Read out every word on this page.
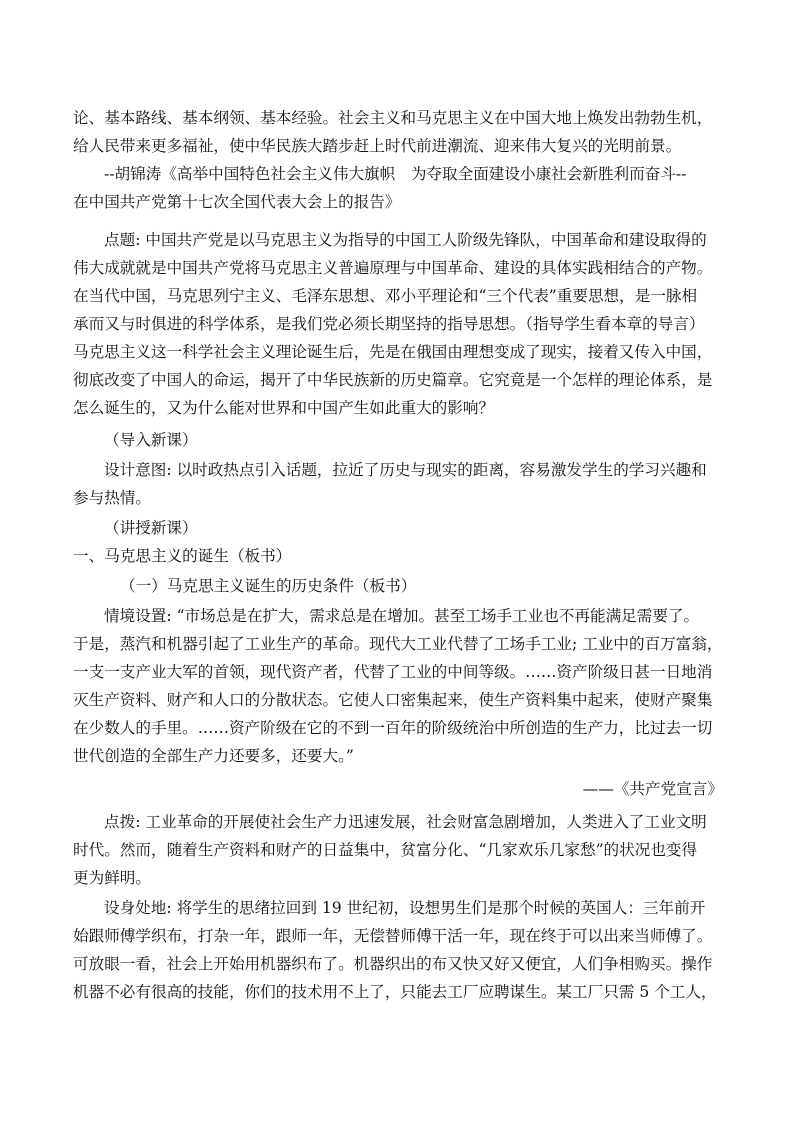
论、基本路线、基本纲领、基本经验。社会主义和马克思主义在中国大地上焕发出勃勃生机，
给人民带来更多福祉，使中华民族大踏步赶上时代前进潮流、迎来伟大复兴的光明前景。
--胡锦涛《高举中国特色社会主义伟大旗帜　为夺取全面建设小康社会新胜利而奋斗--
在中国共产党第十七次全国代表大会上的报告》
点题: 中国共产党是以马克思主义为指导的中国工人阶级先锋队，中国革命和建设取得的
伟大成就就是中国共产党将马克思主义普遍原理与中国革命、建设的具体实践相结合的产物。
在当代中国，马克思列宁主义、毛泽东思想、邓小平理论和“三个代表”重要思想，是一脉相
承而又与时俱进的科学体系，是我们党必须长期坚持的指导思想。（指导学生看本章的导言）
马克思主义这一科学社会主义理论诞生后，先是在俄国由理想变成了现实，接着又传入中国，
彻底改变了中国人的命运，揭开了中华民族新的历史篇章。它究竟是一个怎样的理论体系，是
怎么诞生的，又为什么能对世界和中国产生如此重大的影响？
（导入新课）
设计意图: 以时政热点引入话题，拉近了历史与现实的距离，容易激发学生的学习兴趣和
参与热情。
（讲授新课）
一、马克思主义的诞生（板书）
（一）马克思主义诞生的历史条件（板书）
情境设置: “市场总是在扩大，需求总是在增加。甚至工场手工业也不再能满足需要了。
于是，蒸汽和机器引起了工业生产的革命。现代大工业代替了工场手工业; 工业中的百万富翁，
一支一支产业大军的首领，现代资产者，代替了工业的中间等级。……资产阶级日甚一日地消
灭生产资料、财产和人口的分散状态。它使人口密集起来，使生产资料集中起来，使财产聚集
在少数人的手里。……资产阶级在它的不到一百年的阶级统治中所创造的生产力，比过去一切
世代创造的全部生产力还要多，还要大。”
——《共产党宣言》
点拨: 工业革命的开展使社会生产力迅速发展，社会财富急剧增加，人类进入了工业文明
时代。然而，随着生产资料和财产的日益集中，贫富分化、“几家欢乐几家愁”的状况也变得
更为鲜明。
设身处地: 将学生的思绪拉回到 19 世纪初，设想男生们是那个时候的英国人：三年前开
始跟师傅学织布，打杂一年，跟师一年，无偿替师傅干活一年，现在终于可以出来当师傅了。
可放眼一看，社会上开始用机器织布了。机器织出的布又快又好又便宜，人们争相购买。操作
机器不必有很高的技能，你们的技术用不上了，只能去工厂应聘谋生。某工厂只需 5 个工人，
